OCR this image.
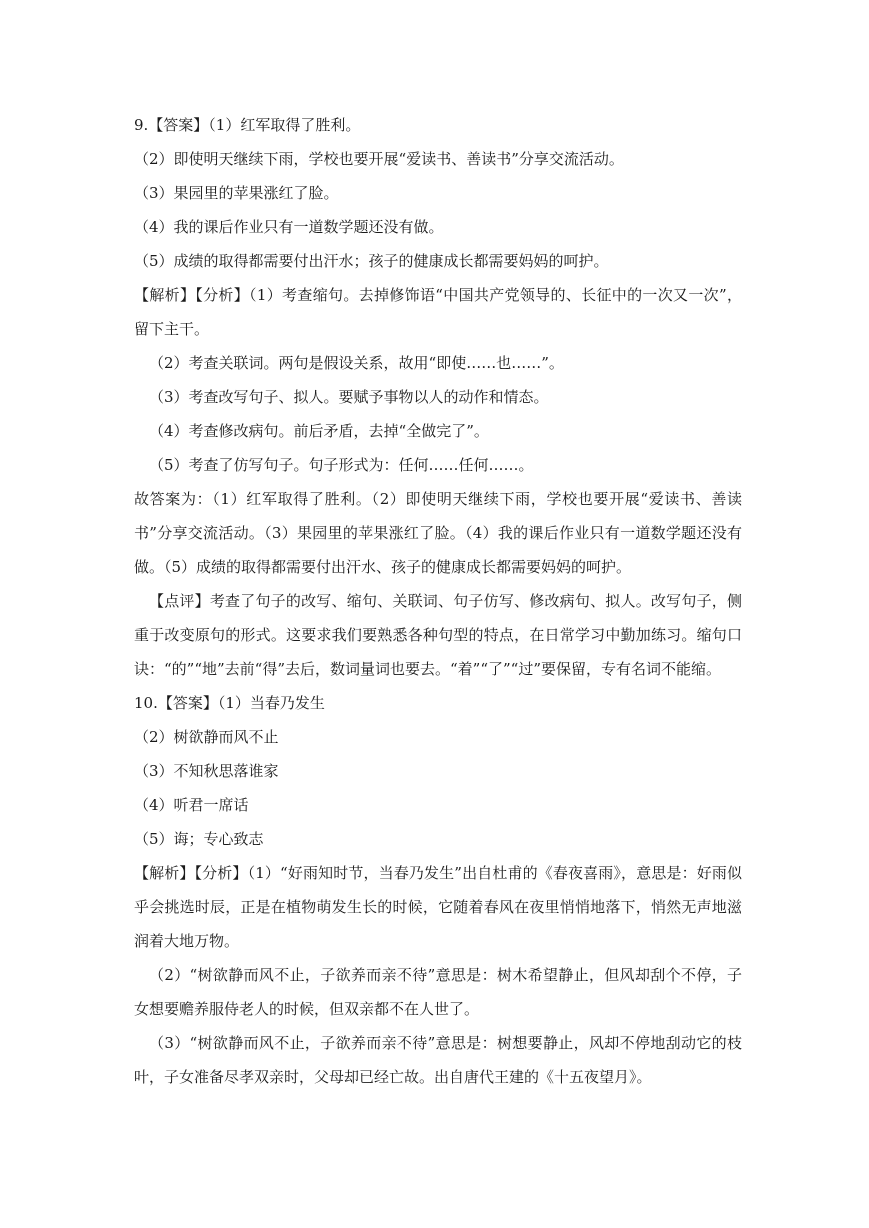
9.【答案】（1）红军取得了胜利。

（2）即使明天继续下雨，学校也要开展“爱读书、善读书”分享交流活动。

（3）果园里的苹果涨红了脸。

（4）我的课后作业只有一道数学题还没有做。

（5）成绩的取得都需要付出汗水；孩子的健康成长都需要妈妈的呵护。

【解析】【分析】（1）考查缩句。去掉修饰语“中国共产党领导的、长征中的一次又一次”，留下主干。

（2）考查关联词。两句是假设关系，故用“即使……也……”。

（3）考查改写句子、拟人。要赋予事物以人的动作和情态。

（4）考查修改病句。前后矛盾，去掉“全做完了”。

（5）考查了仿写句子。句子形式为：任何……任何……。

故答案为：（1）红军取得了胜利。（2）即使明天继续下雨，学校也要开展“爱读书、善读书”分享交流活动。（3）果园里的苹果涨红了脸。（4）我的课后作业只有一道数学题还没有做。（5）成绩的取得都需要付出汗水、孩子的健康成长都需要妈妈的呵护。

【点评】考查了句子的改写、缩句、关联词、句子仿写、修改病句、拟人。改写句子，侧重于改变原句的形式。这要求我们要熟悉各种句型的特点，在日常学习中勤加练习。缩句口诀：“的”“地”去前“得”去后，数词量词也要去。“着”“了”“过”要保留，专有名词不能缩。

10.【答案】（1）当春乃发生

（2）树欲静而风不止

（3）不知秋思落谁家

（4）听君一席话

（5）诲；专心致志

【解析】【分析】（1）“好雨知时节，当春乃发生”出自杜甫的《春夜喜雨》，意思是：好雨似乎会挑选时辰，正是在植物萌发生长的时候，它随着春风在夜里悄悄地落下，悄然无声地滋润着大地万物。

（2）“树欲静而风不止，子欲养而亲不待”意思是：树木希望静止，但风却刮个不停，子女想要赡养服侍老人的时候，但双亲都不在人世了。

（3）“树欲静而风不止，子欲养而亲不待”意思是：树想要静止，风却不停地刮动它的枝叶，子女准备尽孝双亲时，父母却已经亡故。出自唐代王建的《十五夜望月》。
